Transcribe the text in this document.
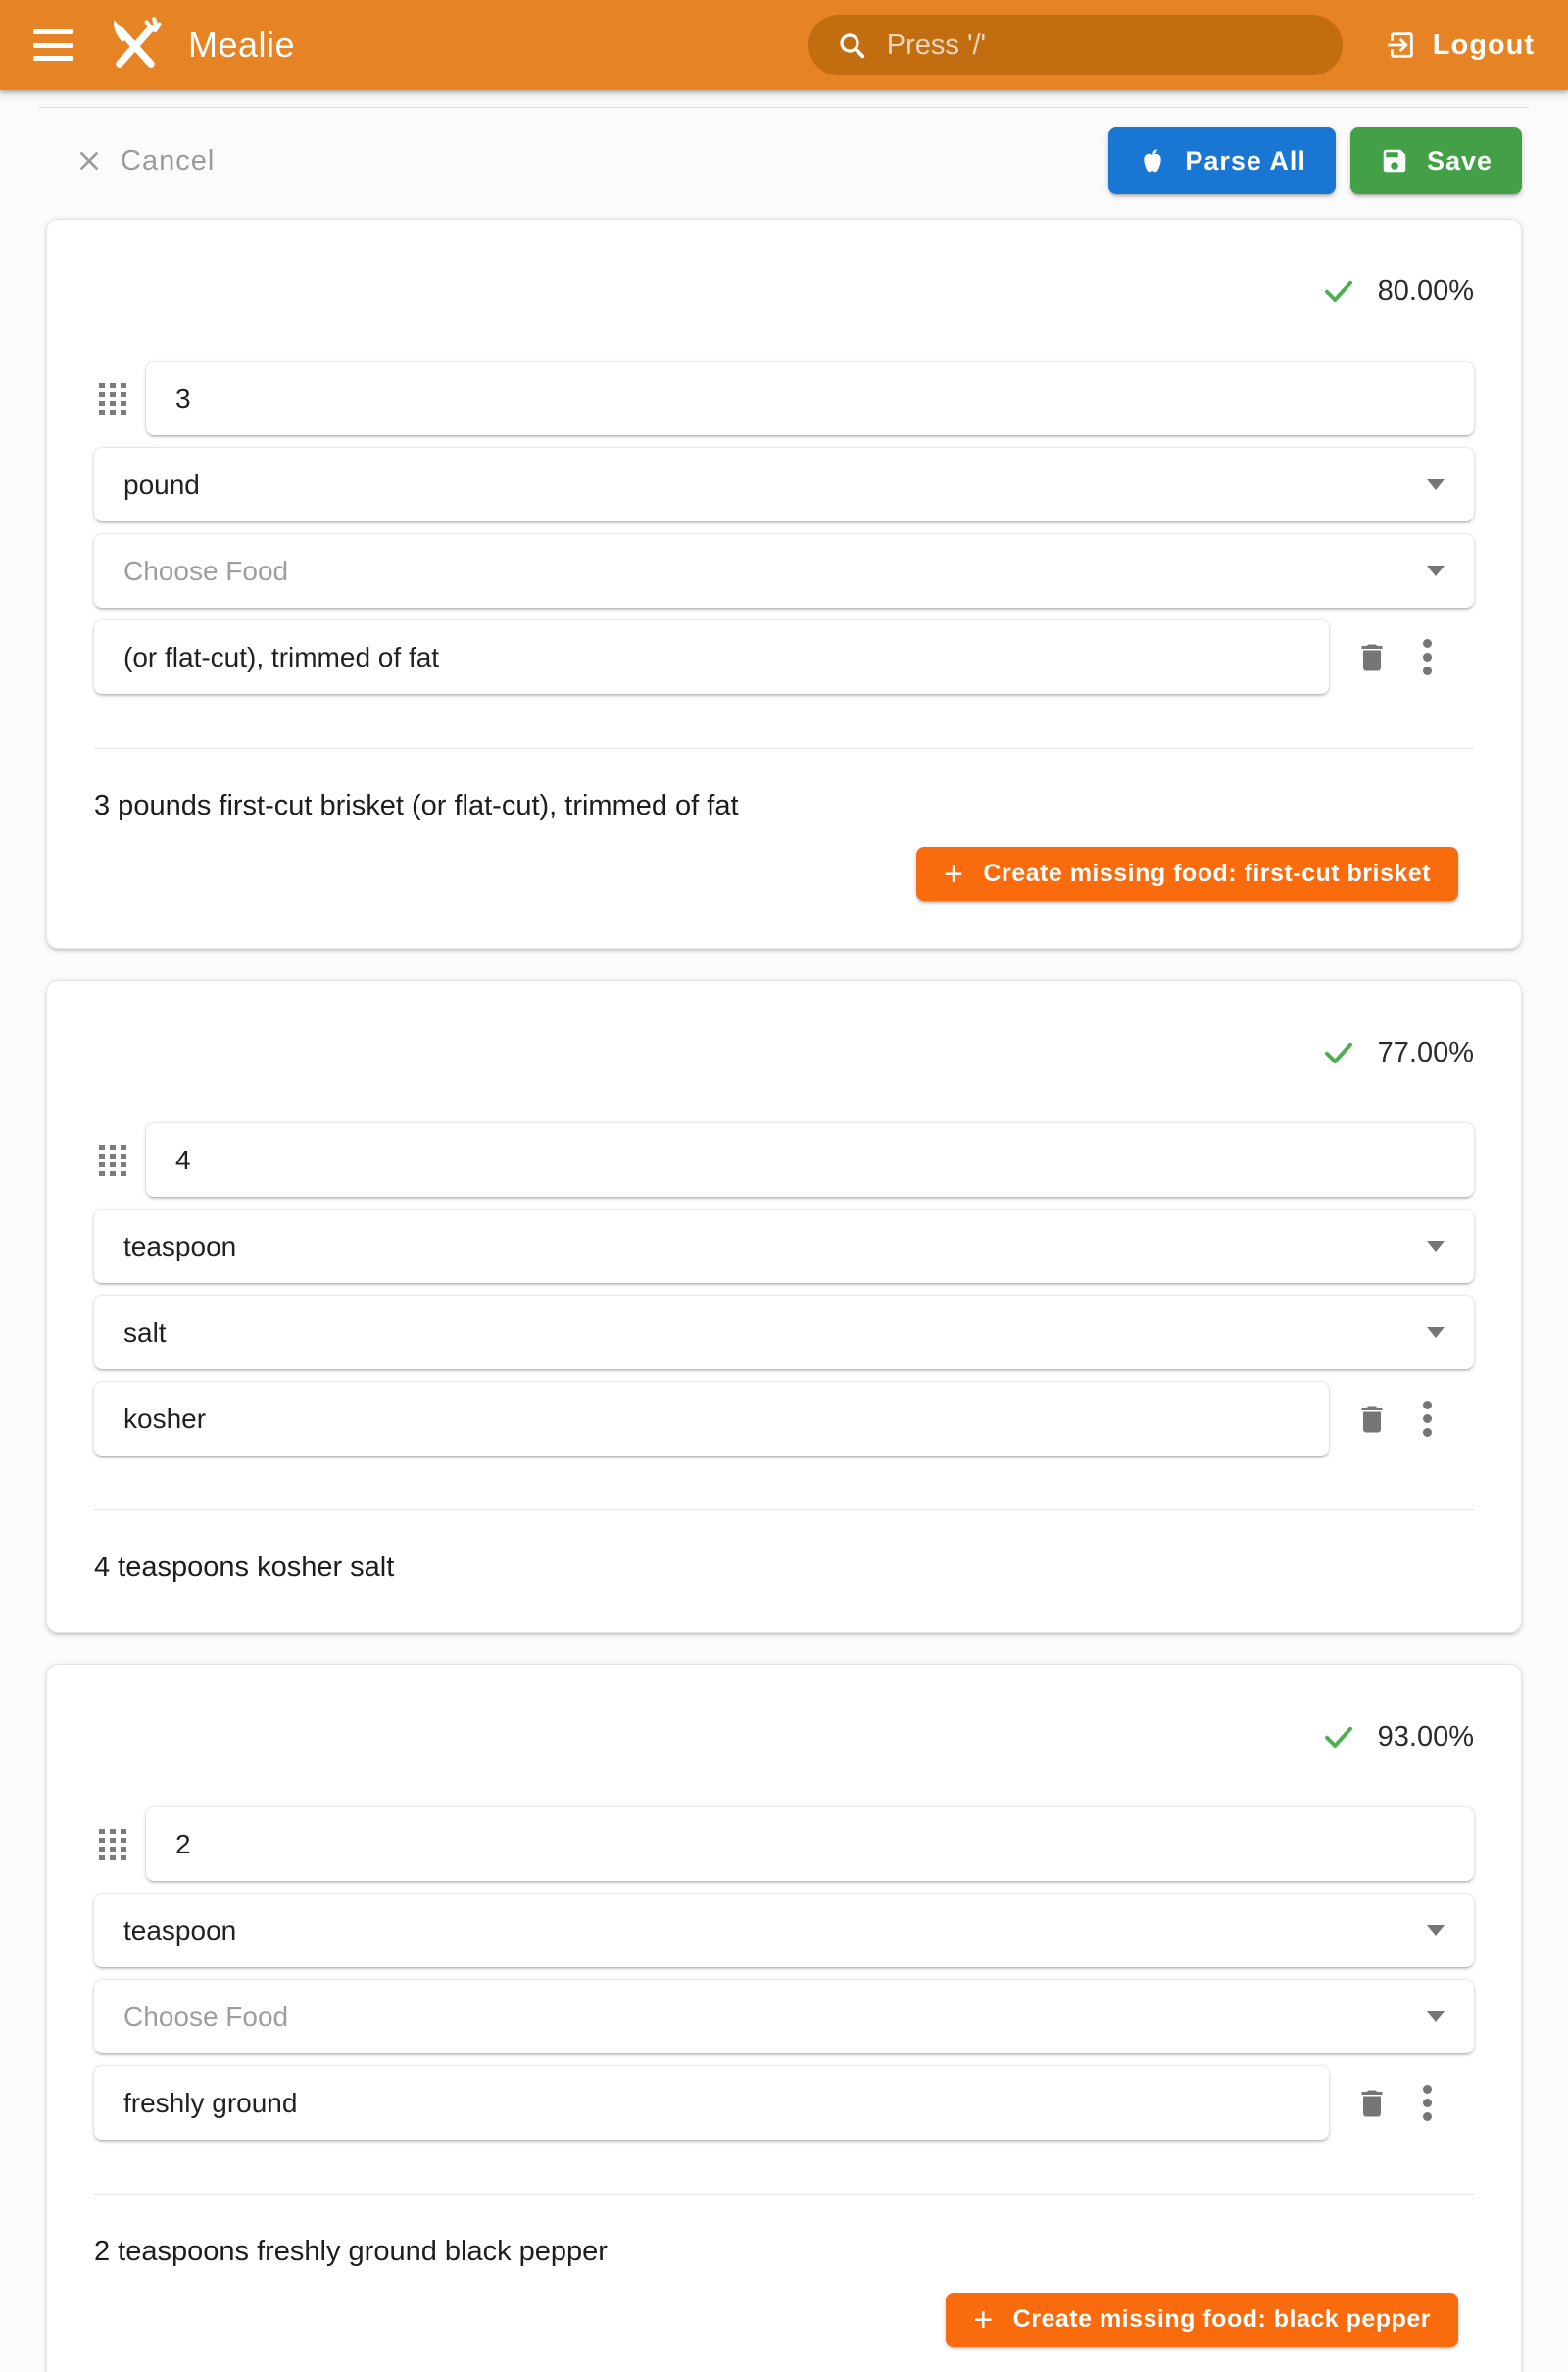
Mealie	Press '/'	Logout
Cancel	Parse All	Save
80.00%
3
pound
Choose Food
(or flat-cut), trimmed of fat

3 pounds first-cut brisket (or flat-cut), trimmed of fat

+ Create missing food: first-cut brisket
77.00%
4
teaspoon
salt
kosher

4 teaspoons kosher salt

93.00%
2
teaspoon
Choose Food
freshly ground

2 teaspoons freshly ground black pepper

+ Create missing food: black pepper
